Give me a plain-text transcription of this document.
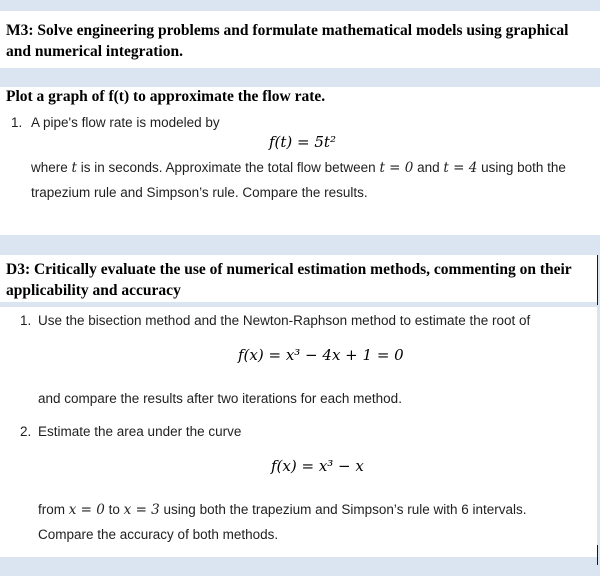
M3: Solve engineering problems and formulate mathematical models using graphical
and numerical integration.
Plot a graph of f(t) to approximate the flow rate.
1. A pipe's flow rate is modeled by
f(t) = 5t²
where t is in seconds. Approximate the total flow between t = 0 and t = 4 using both the
trapezium rule and Simpson’s rule. Compare the results.
D3: Critically evaluate the use of numerical estimation methods, commenting on their
applicability and accuracy
1. Use the bisection method and the Newton-Raphson method to estimate the root of
f(x) = x³ − 4x + 1 = 0
and compare the results after two iterations for each method.
2. Estimate the area under the curve
f(x) = x³ − x
from x = 0 to x = 3 using both the trapezium and Simpson’s rule with 6 intervals.
Compare the accuracy of both methods.
